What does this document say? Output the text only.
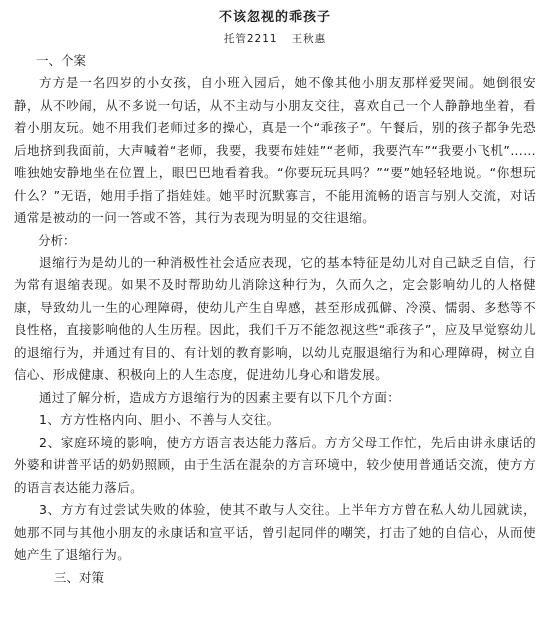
不该忽视的乖孩子
托管2211 王秋惠
一、个案

方方是一名四岁的小女孩，自小班入园后，她不像其他小朋友那样爱哭闹。她倒很安静，从不吵闹，从不多说一句话，从不主动与小朋友交往，喜欢自己一个人静静地坐着，看着小朋友玩。她不用我们老师过多的操心，真是一个“乖孩子”。午餐后，别的孩子都争先恐后地挤到我面前，大声喊着“老师，我要，我要布娃娃”“老师，我要汽车”“我要小飞机”……唯独她安静地坐在位置上，眼巴巴地看着我。“你要玩玩具吗？”“要”她轻轻地说。“你想玩什么？”无语，她用手指了指娃娃。她平时沉默寡言，不能用流畅的语言与别人交流，对话通常是被动的一问一答或不答，其行为表现为明显的交往退缩。

分析：

退缩行为是幼儿的一种消极性社会适应表现，它的基本特征是幼儿对自己缺乏自信，行为常有退缩表现。如果不及时帮助幼儿消除这种行为，久而久之，定会影响幼儿的人格健康，导致幼儿一生的心理障碍，使幼儿产生自卑感，甚至形成孤僻、冷漠、懦弱、多愁等不良性格，直接影响他的人生历程。因此，我们千万不能忽视这些“乖孩子”，应及早觉察幼儿的退缩行为，并通过有目的、有计划的教育影响，以幼儿克服退缩行为和心理障碍，树立自信心、形成健康、积极向上的人生态度，促进幼儿身心和谐发展。

通过了解分析，造成方方退缩行为的因素主要有以下几个方面：

1、方方性格内向、胆小、不善与人交往。

2、家庭环境的影响，使方方语言表达能力落后。方方父母工作忙，先后由讲永康话的外婆和讲普平话的奶奶照顾，由于生活在混杂的方言环境中，较少使用普通话交流，使方方的语言表达能力落后。

3、方方有过尝试失败的体验，使其不敢与人交往。上半年方方曾在私人幼儿园就读，她那不同与其他小朋友的永康话和宣平话，曾引起同伴的嘲笑，打击了她的自信心，从而使她产生了退缩行为。

三、对策
